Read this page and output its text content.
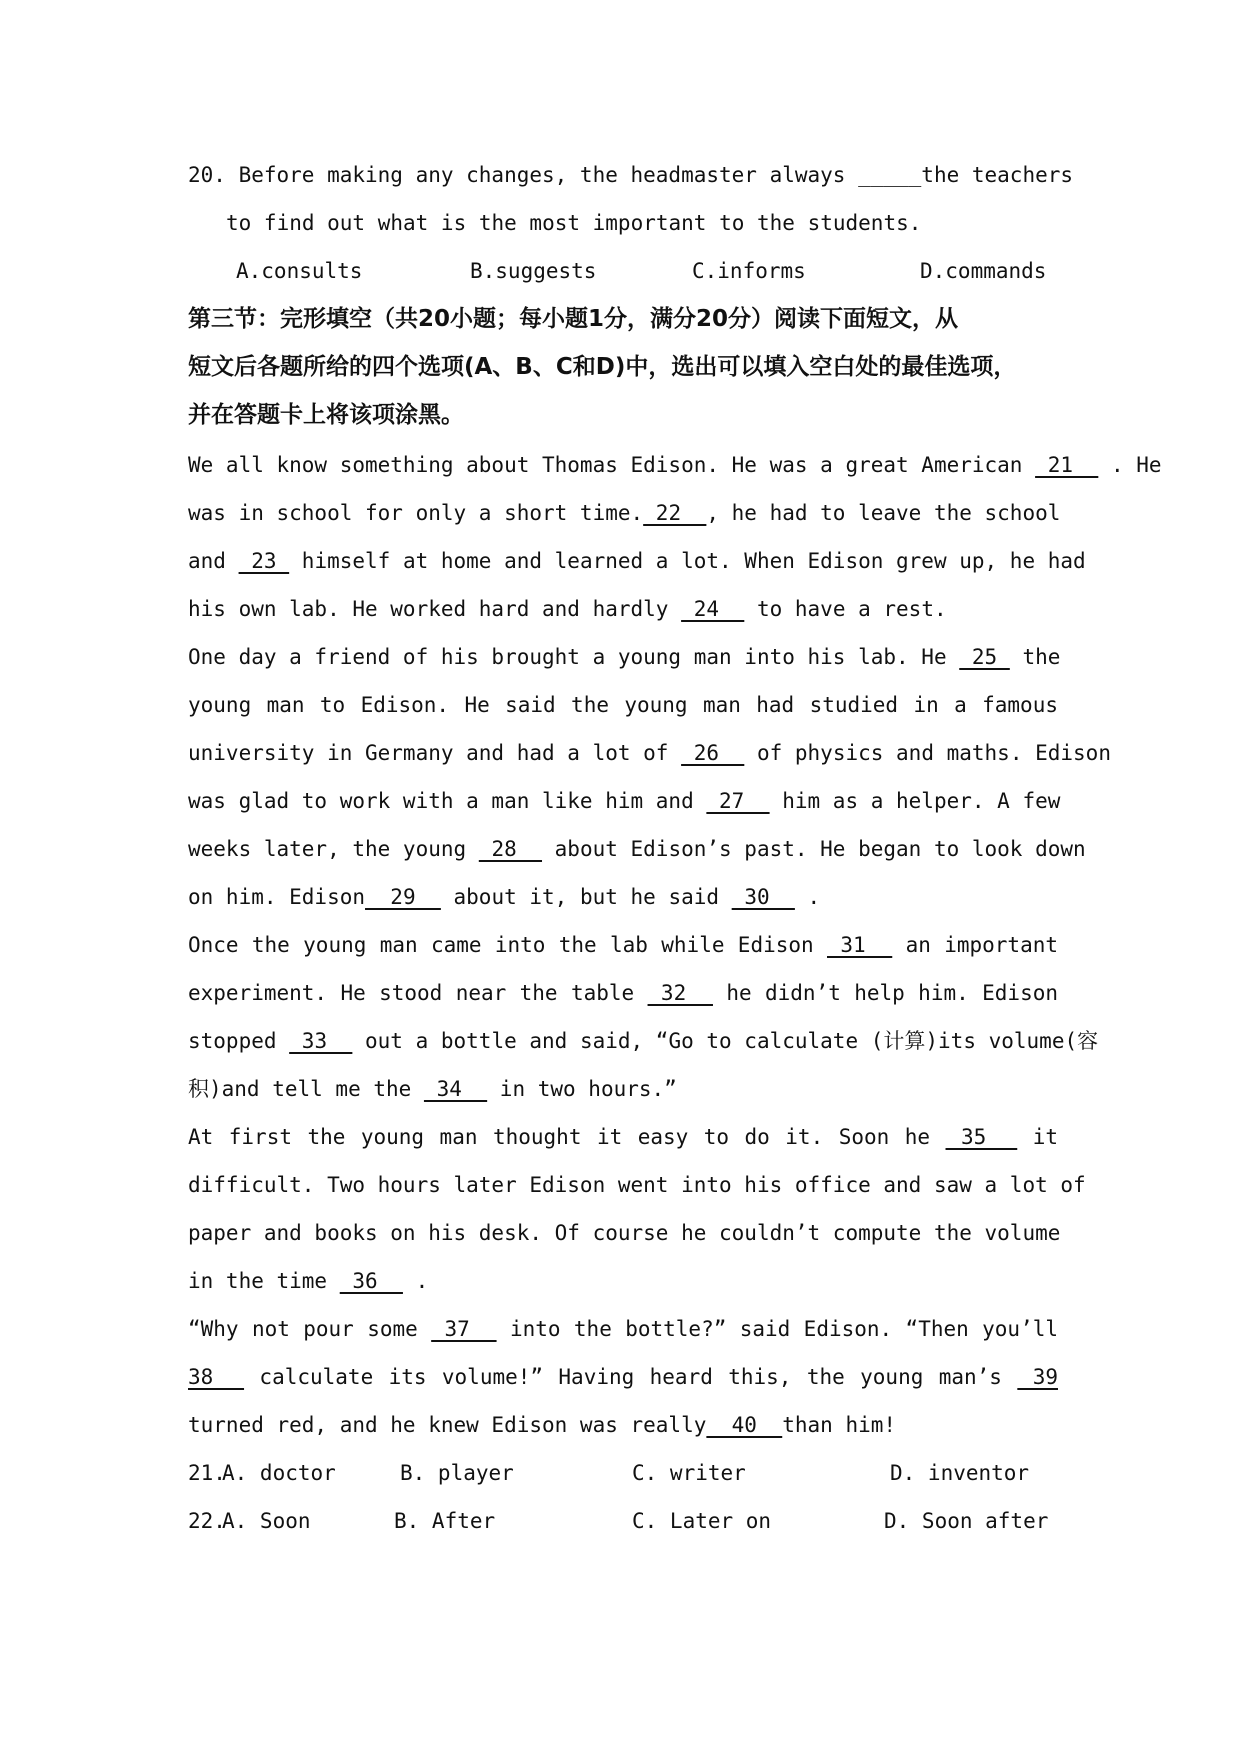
20. Before making any changes, the headmaster always _____the teachers
to find out what is the most important to the students.
A.consults	B.suggests	C.informs	D.commands
第三节：完形填空（共20小题；每小题1分，满分20分）阅读下面短文，从
短文后各题所给的四个选项(A、B、C和D)中，选出可以填入空白处的最佳选项，
并在答题卡上将该项涂黑。
We all know something about Thomas Edison. He was a great American  21   . He
was in school for only a short time. 22  , he had to leave the school
and  23  himself at home and learned a lot. When Edison grew up, he had
his own lab. He worked hard and hardly  24   to have a rest.
One day a friend of his brought a young man into his lab. He  25  the
young man to Edison. He said the young man had studied in a famous
university in Germany and had a lot of  26   of physics and maths. Edison
was glad to work with a man like him and  27   him as a helper. A few
weeks later, the young  28   about Edison’s past. He began to look down
on him. Edison  29   about it, but he said  30   .
Once the young man came into the lab while Edison  31   an important
experiment. He stood near the table  32   he didn’t help him. Edison
stopped  33   out a bottle and said, “Go to calculate (计算)its volume(容
积)and tell me the  34   in two hours.”
At first the young man thought it easy to do it. Soon he  35   it
difficult. Two hours later Edison went into his office and saw a lot of
paper and books on his desk. Of course he couldn’t compute the volume
in the time  36   .
“Why not pour some  37   into the bottle?” said Edison. “Then you’ll
38   calculate its volume!” Having heard this, the young man’s  39
turned red, and he knew Edison was really  40  than him!
21.
A. doctor	B. player	C. writer	D. inventor
22.
A. Soon	B. After	C. Later on	D. Soon after
